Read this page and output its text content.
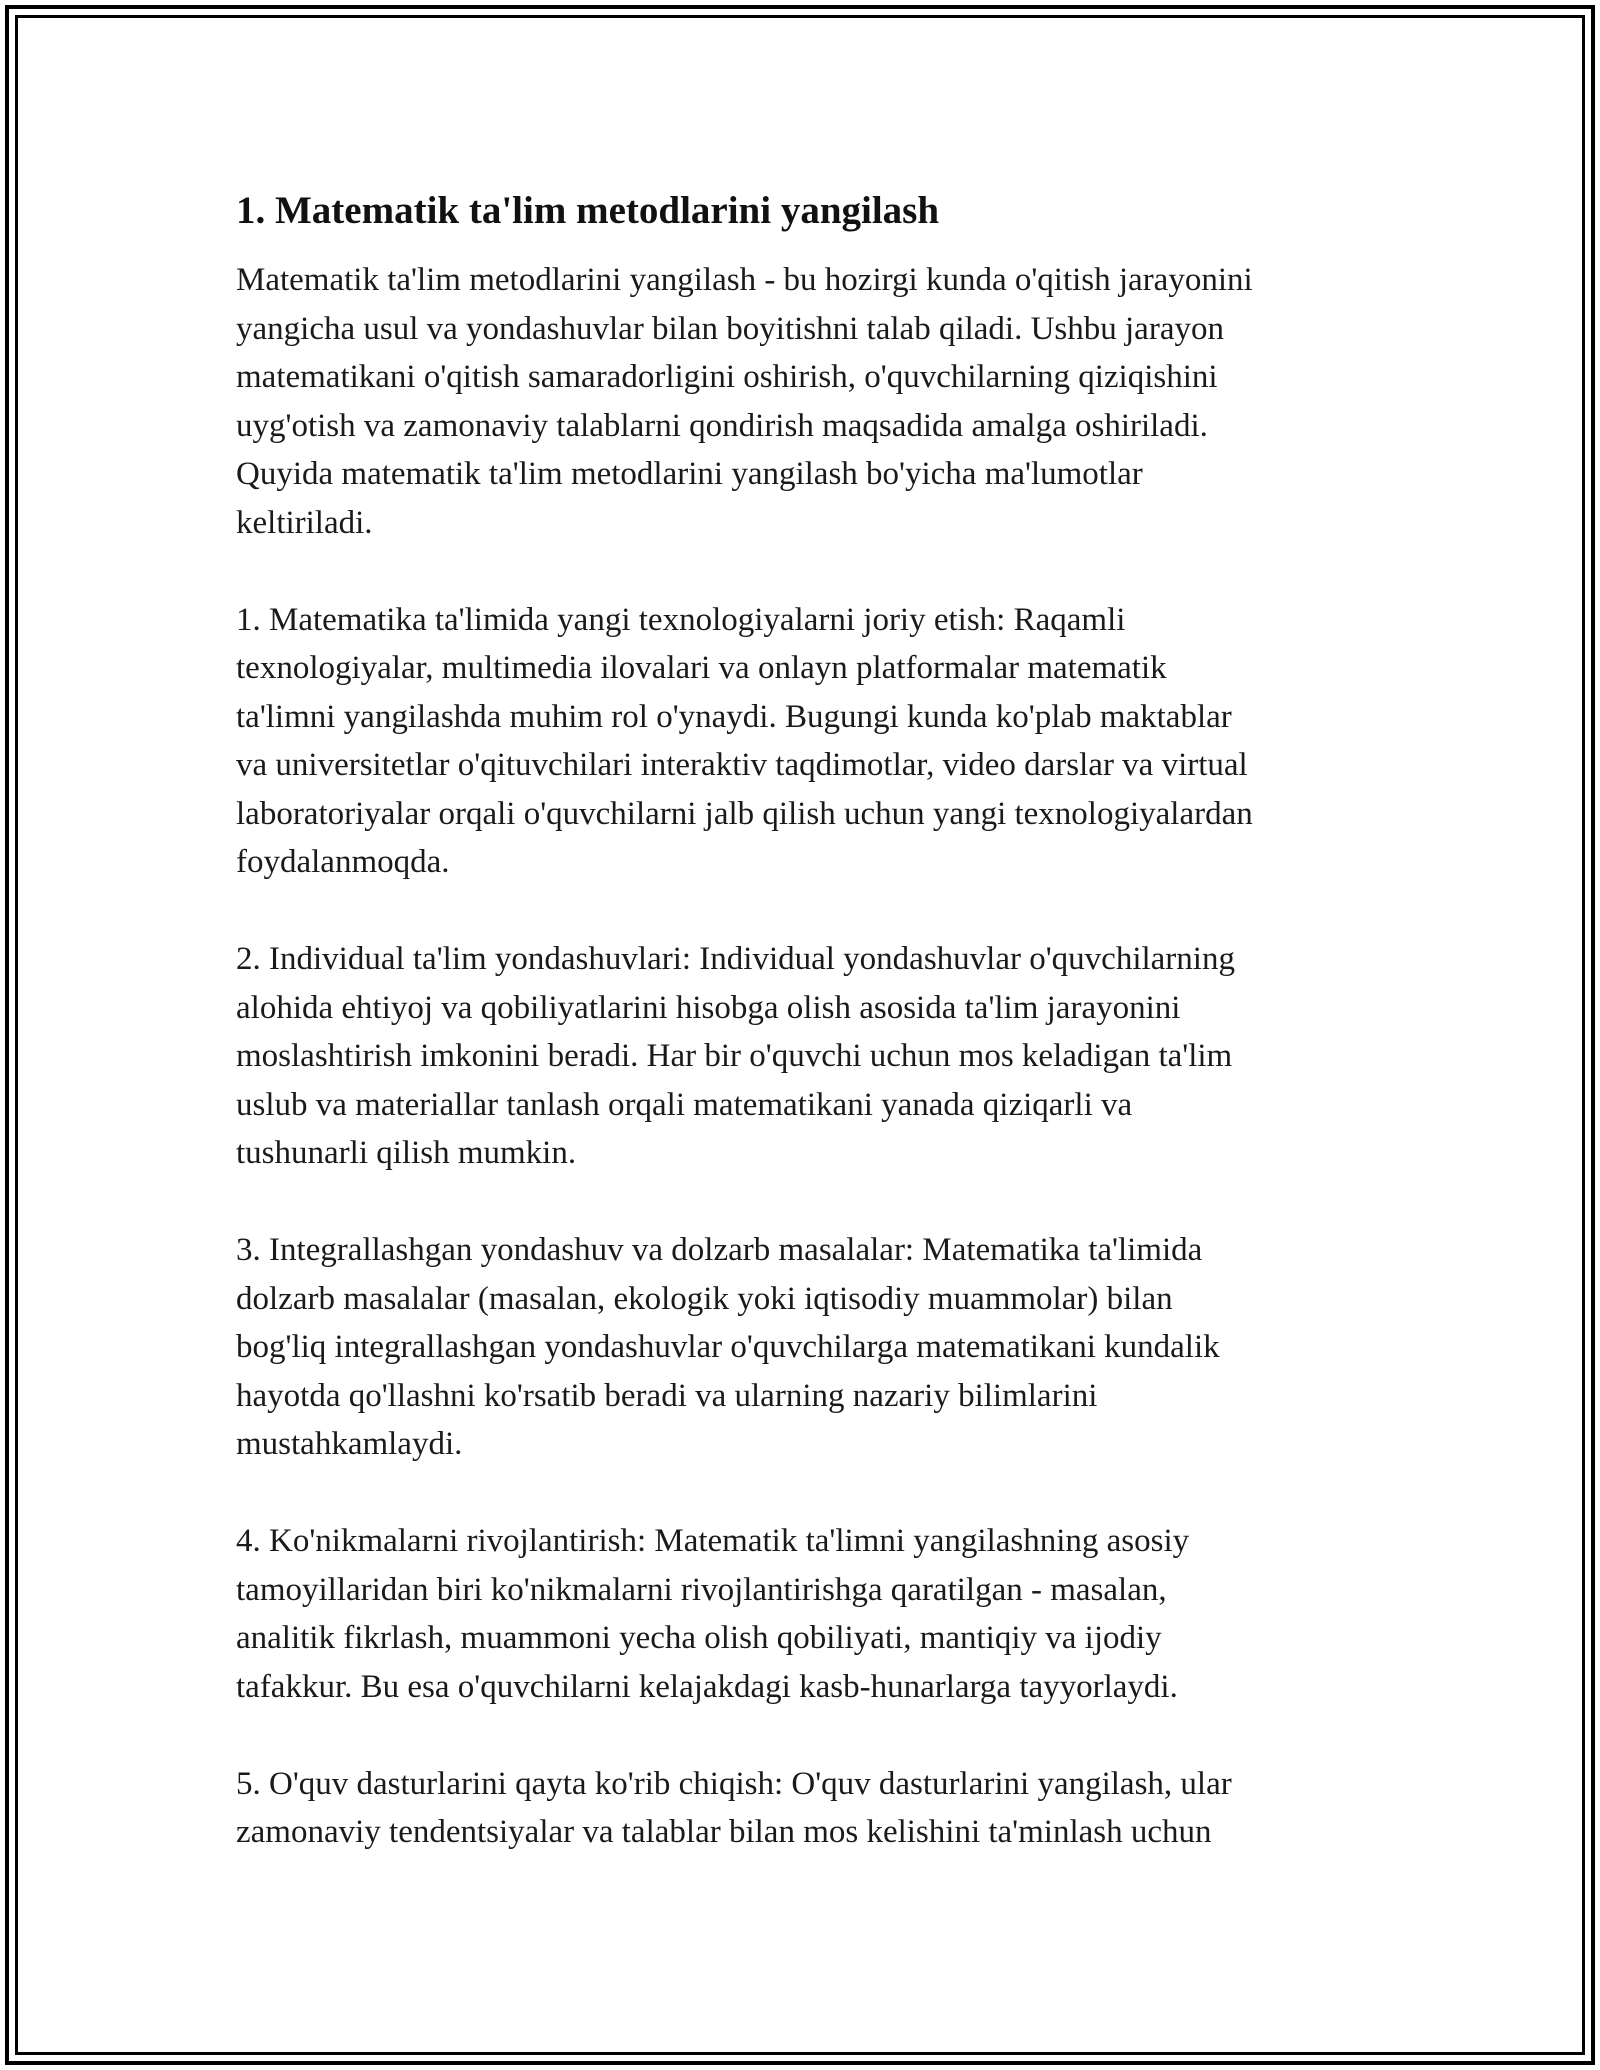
1. Matematik ta'lim metodlarini yangilash

Matematik ta'lim metodlarini yangilash - bu hozirgi kunda o'qitish jarayonini
yangicha usul va yondashuvlar bilan boyitishni talab qiladi. Ushbu jarayon
matematikani o'qitish samaradorligini oshirish, o'quvchilarning qiziqishini
uyg'otish va zamonaviy talablarni qondirish maqsadida amalga oshiriladi.
Quyida matematik ta'lim metodlarini yangilash bo'yicha ma'lumotlar
keltiriladi.

1. Matematika ta'limida yangi texnologiyalarni joriy etish: Raqamli
texnologiyalar, multimedia ilovalari va onlayn platformalar matematik
ta'limni yangilashda muhim rol o'ynaydi. Bugungi kunda ko'plab maktablar
va universitetlar o'qituvchilari interaktiv taqdimotlar, video darslar va virtual
laboratoriyalar orqali o'quvchilarni jalb qilish uchun yangi texnologiyalardan
foydalanmoqda.

2. Individual ta'lim yondashuvlari: Individual yondashuvlar o'quvchilarning
alohida ehtiyoj va qobiliyatlarini hisobga olish asosida ta'lim jarayonini
moslashtirish imkonini beradi. Har bir o'quvchi uchun mos keladigan ta'lim
uslub va materiallar tanlash orqali matematikani yanada qiziqarli va
tushunarli qilish mumkin.

3. Integrallashgan yondashuv va dolzarb masalalar: Matematika ta'limida
dolzarb masalalar (masalan, ekologik yoki iqtisodiy muammolar) bilan
bog'liq integrallashgan yondashuvlar o'quvchilarga matematikani kundalik
hayotda qo'llashni ko'rsatib beradi va ularning nazariy bilimlarini
mustahkamlaydi.

4. Ko'nikmalarni rivojlantirish: Matematik ta'limni yangilashning asosiy
tamoyillaridan biri ko'nikmalarni rivojlantirishga qaratilgan - masalan,
analitik fikrlash, muammoni yecha olish qobiliyati, mantiqiy va ijodiy
tafakkur. Bu esa o'quvchilarni kelajakdagi kasb-hunarlarga tayyorlaydi.

5. O'quv dasturlarini qayta ko'rib chiqish: O'quv dasturlarini yangilash, ular
zamonaviy tendentsiyalar va talablar bilan mos kelishini ta'minlash uchun
